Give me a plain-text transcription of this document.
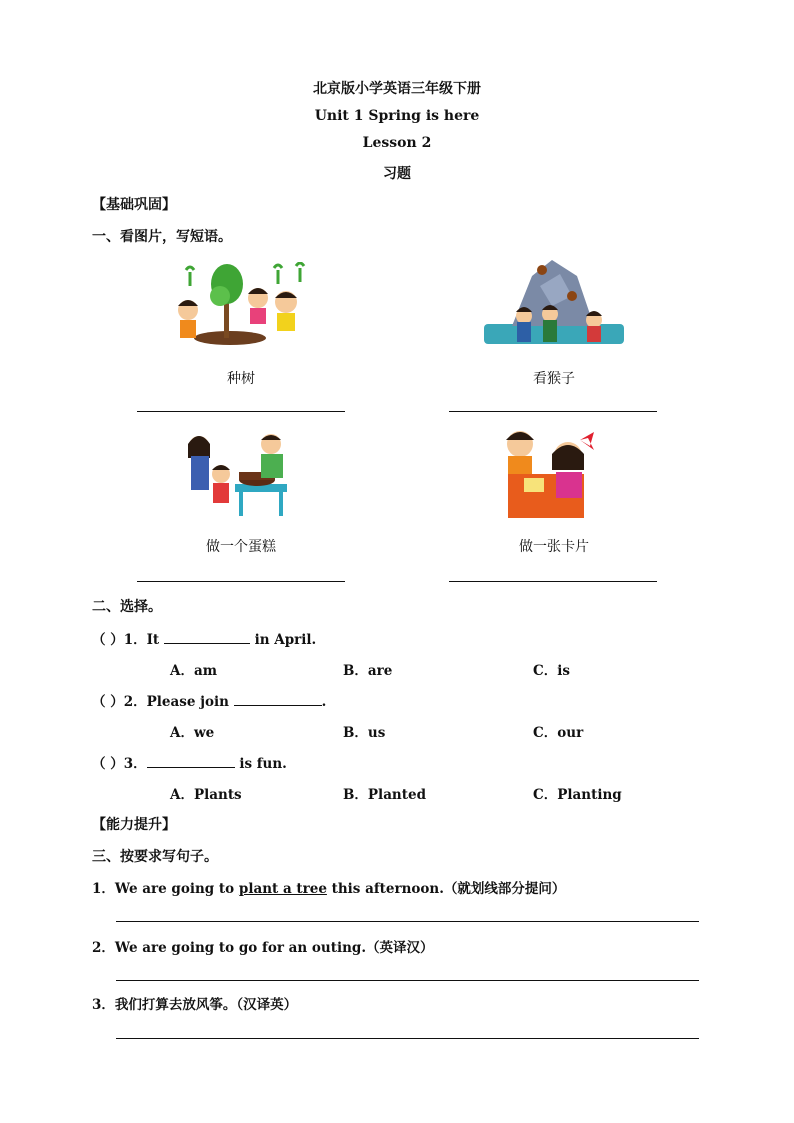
北京版小学英语三年级下册
Unit 1 Spring is here
Lesson 2
习题
【基础巩固】
一、看图片，写短语。
种树	看猴子
做一个蛋糕	做一张卡片
二、选择。
（ ）1．It	in April.
A．am	B．are	C．is
（ ）2．Please join	.
A．we	B．us	C．our
（ ）3．	is fun.
A．Plants	B．Planted	C．Planting
【能力提升】
三、按要求写句子。
1．We are going to plant a tree this afternoon.（就划线部分提问）
2．We are going to go for an outing.（英译汉）
3．我们打算去放风筝。（汉译英）
